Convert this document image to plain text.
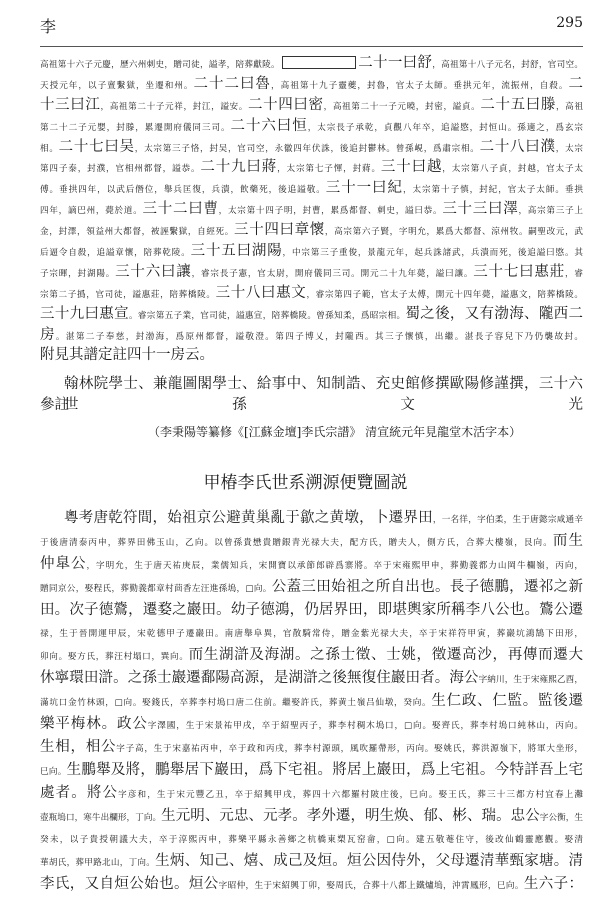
李	295
高祖第十六子元慶，歷六州刺史，贈司徒，謚孝，陪葬獻陵。	二十一曰舒，高祖第十八子元名，封舒，官司空。
天授元年，以子亶繫獄，坐遷和州。二十二曰魯，高祖第十九子靈夔，封魯，官太子太師。垂拱元年，流振州，自殺。二
十三曰江，高祖第二十子元祥，封江，謚安。二十四曰密，高祖第二十一子元曉，封密，謚貞。二十五曰滕，高祖
第二十二子元嬰，封滕，累遷開府儀同三司。二十六曰恒，太宗長子承乾，貞觀八年卒，追謚愍，封恒山。孫適之，爲玄宗
相。二十七曰吴，太宗第三子恪，封吴，官司空，永徽四年伏誅，後追封鬱林。曾孫峴，爲肅宗相。二十八曰濮，太宗
第四子泰，封濮，官相州都督，謚恭。二十九曰蔣，太宗第七子惲，封蔣。三十曰越，太宗第八子貞，封越，官太子太
傅。垂拱四年，以武后僭位，舉兵匡復，兵潰，飲藥死，後追謚敬。三十一曰紀，太宗第十子慎，封紀，官太子太師。垂拱
四年，謫巴州，薨於道。三十二曰曹，太宗第十四子明，封曹，累爲都督、刺史，謚曰恭。三十三曰澤，高宗第三子上
金，封澤，領益州大都督，被誣繫獄，自經死。三十四曰章懷，高宗第六子賢，字明允，累爲大都督、涼州牧。嗣聖改元，武
后逼令自殺，追謚章懷，陪葬乾陵。三十五曰湖陽，中宗第三子重俊，景龍元年，起兵誅諸武，兵潰而死，後追謚曰愍。其
子宗暉，封湖陽。三十六曰讓，睿宗長子憲，官太尉，開府儀同三司。開元二十九年薨，謚曰讓。三十七曰惠莊，睿
宗第二子撝，官司徒，謚惠莊，陪葬橋陵。三十八曰惠文，睿宗第四子範，官太子太傅，開元十四年薨，謚惠文，陪葬橋陵。
三十九曰惠宣。睿宗第五子業，官司徒，謚惠宣，陪葬橋陵。曾孫知柔，爲昭宗相。蜀之後，又有渤海、隴西二
房。湛第二子奉慈，封渤海，爲原州都督，謚敬澄。第四子博乂，封隴西。其三子懷慎，出繼。湛長子容兒下乃仍襲故封。
附見其譜定註四十一房云。
翰林院學士、兼龍圖閣學士、給事中、知制誥、充史館修撰歐陽修謹撰，三十六世孫文光
參註
（李秉陽等纂修《[江蘇金壇]李氏宗譜》 清宣統元年見龍堂木活字本）
甲椿李氏世系溯源便覽圖説
粵考唐乾符間，始祖京公避黄巢亂于歙之黄墩，卜遷界田，一名徉，字伯柔，生于唐懿宗咸通辛
于後唐清泰丙申，葬界田佛玉山，乙向。以曾孫貴懋貴贈銀青光禄大夫，配方氏，贈夫人，側方氏，合葬大樓嶺，艮向。而生
仲臯公，字明允，生于唐天祐庚辰，業儒知兵，宋開寶以承節郎辟爲寨將。卒于宋雍熙甲申，葬勤義都力山岡牛欄嶺，丙向，
贈同京公，娶程氏，葬勤義都章村茴香左汪進孫塢，□向。公蓋三田始祖之所自出也。長子德鵬，遷祁之新
田。次子德鷟，遷婺之巖田。幼子德鴻，仍居界田，即堪輿家所稱李八公也。鷟公遷
禄，生于晉開運甲辰，宋乾德甲子遷巖田。南唐舉阜異，官散騎常侍，贈金紫光禄大夫，卒于宋祥符甲寅，葬巖坑鴻鵠下田形，
卯向。娶方氏，葬汪村塌口，巽向。而生湖滸及海湖。之孫士徵、士姚，徵遷高沙，再傳而遷大
休寧環田滸。之孫士巖遷鄱陽高源，是湖滸之後無復住巖田者。海公字納川，生于宋雍熙乙酉，
滿坑口金竹林頭，□向。娶錢氏，卒葬李村塢口唐二住前。繼娶許氏，葬黄土嶺吕仙墩，癸向。生仁政、仁監。監後遷
樂平梅林。政公字澤國，生于宋景祐甲戌，卒于紹聖丙子，葬李村稠木塢口，□向。娶齊氏，葬李村塢口純林山，丙向。
生相，相公字子高，生于宋嘉祐丙申，卒于政和丙戌，葬李村源頭，風吹羅帶形，丙向。娶姚氏，葬洪源嶺下，將軍大坐形，
巳向。生鵬舉及將，鵬舉居下巖田，爲下宅祖。將居上巖田，爲上宅祖。今特詳吾上宅
處者。將公字彦和，生于宋元豐乙丑，卒于紹興甲戌，葬四十六都羅村陂庄後，巳向。娶王氏，葬三十三都方村宜春上灘
壺瓶塢口，寒牛出欄形，丁向。生元明、元忠、元孝。孝外遷，明生焕、郁、彬、瑞。忠公字公衡，生
癸未，以子貴授朝議大夫，卒于淳熙丙申，葬樂平縣永善鄉之杭橋東槊瓦窑畲，□向。建五敬菴住守，後改仙鶴靈應觀。娶清
華胡氏，葬甲路北山，丁向。生炳、知己、熺、成己及烜。烜公因侍外，父母遷清華甄家塘。清
李氏，又自烜公始也。烜公字昭仲，生于宋紹興丁卯，娶周氏，合葬十八都上鐵爐塢，沖霄鳳形，巳向。生六子：
